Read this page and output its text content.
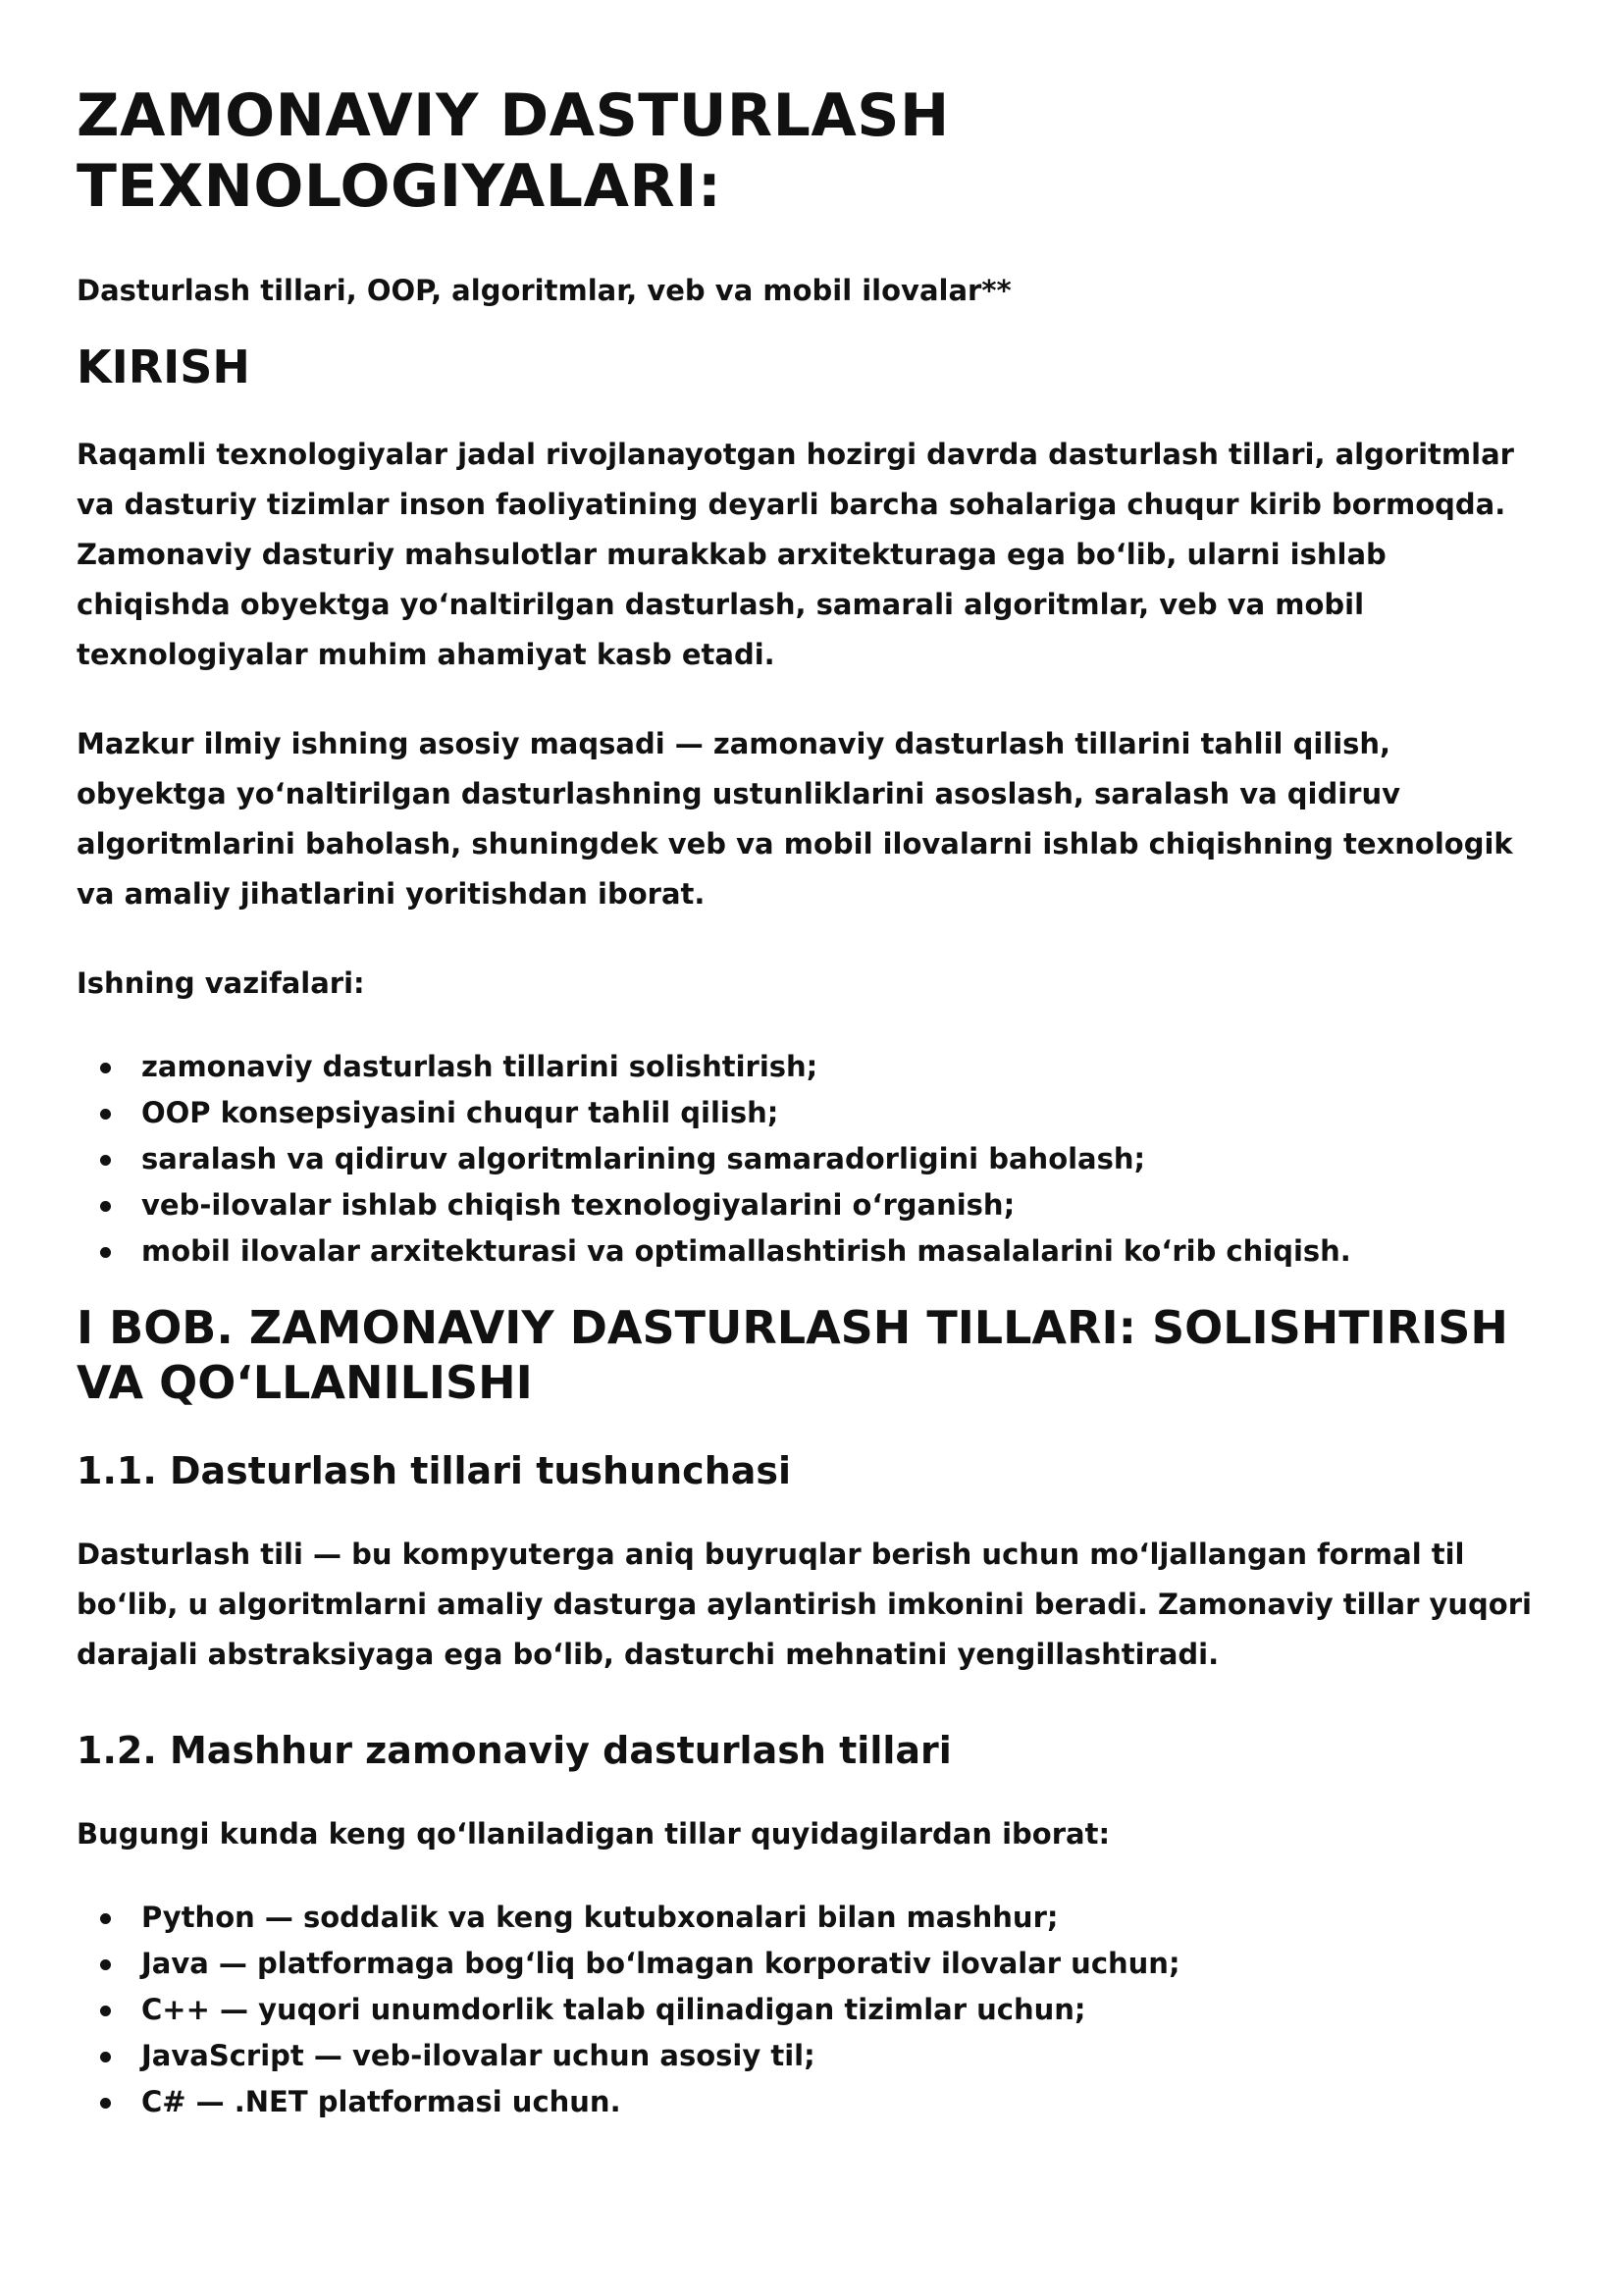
ZAMONAVIY DASTURLASH
TEXNOLOGIYALARI:
Dasturlash tillari, OOP, algoritmlar, veb va mobil ilovalar**
KIRISH

Raqamli texnologiyalar jadal rivojlanayotgan hozirgi davrda dasturlash tillari, algoritmlar va dasturiy tizimlar inson faoliyatining deyarli barcha sohalariga chuqur kirib bormoqda. Zamonaviy dasturiy mahsulotlar murakkab arxitekturaga ega bo‘lib, ularni ishlab chiqishda obyektga yo‘naltirilgan dasturlash, samarali algoritmlar, veb va mobil texnologiyalar muhim ahamiyat kasb etadi.

Mazkur ilmiy ishning asosiy maqsadi — zamonaviy dasturlash tillarini tahlil qilish, obyektga yo‘naltirilgan dasturlashning ustunliklarini asoslash, saralash va qidiruv algoritmlarini baholash, shuningdek veb va mobil ilovalarni ishlab chiqishning texnologik va amaliy jihatlarini yoritishdan iborat.

Ishning vazifalari:

zamonaviy dasturlash tillarini solishtirish;
OOP konsepsiyasini chuqur tahlil qilish;
saralash va qidiruv algoritmlarining samaradorligini baholash;
veb-ilovalar ishlab chiqish texnologiyalarini o‘rganish;
mobil ilovalar arxitekturasi va optimallashtirish masalalarini ko‘rib chiqish.
I BOB. ZAMONAVIY DASTURLASH TILLARI: SOLISHTIRISH VA QO‘LLANILISHI
1.1. Dasturlash tillari tushunchasi

Dasturlash tili — bu kompyuterga aniq buyruqlar berish uchun mo‘ljallangan formal til bo‘lib, u algoritmlarni amaliy dasturga aylantirish imkonini beradi. Zamonaviy tillar yuqori darajali abstraksiyaga ega bo‘lib, dasturchi mehnatini yengillashtiradi.

1.2. Mashhur zamonaviy dasturlash tillari

Bugungi kunda keng qo‘llaniladigan tillar quyidagilardan iborat:

Python — soddalik va keng kutubxonalari bilan mashhur;
Java — platformaga bog‘liq bo‘lmagan korporativ ilovalar uchun;
C++ — yuqori unumdorlik talab qilinadigan tizimlar uchun;
JavaScript — veb-ilovalar uchun asosiy til;
C# — .NET platformasi uchun.
